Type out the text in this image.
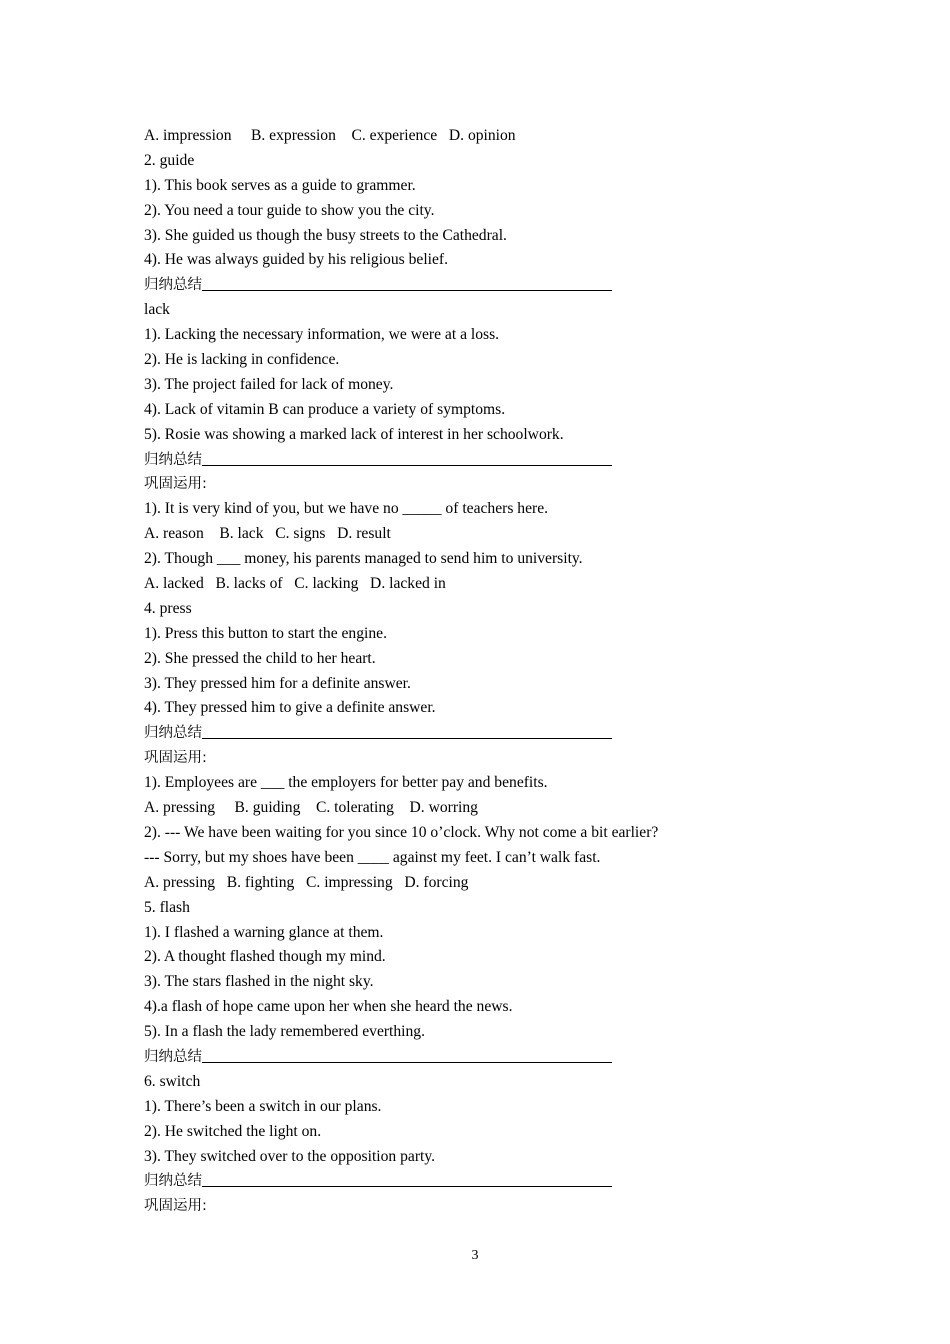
A. impression     B. expression    C. experience   D. opinion
2. guide
1). This book serves as a guide to grammer.
2). You need a tour guide to show you the city.
3). She guided us though the busy streets to the Cathedral.
4). He was always guided by his religious belief.
归纳总结
lack
1). Lacking the necessary information, we were at a loss.
2). He is lacking in confidence.
3). The project failed for lack of money.
4). Lack of vitamin B can produce a variety of symptoms.
5). Rosie was showing a marked lack of interest in her schoolwork.
归纳总结
巩固运用:
1). It is very kind of you, but we have no _____ of teachers here.
A. reason    B. lack   C. signs   D. result
2). Though ___ money, his parents managed to send him to university.
A. lacked   B. lacks of   C. lacking   D. lacked in
4. press
1). Press this button to start the engine.
2). She pressed the child to her heart.
3). They pressed him for a definite answer.
4). They pressed him to give a definite answer.
归纳总结
巩固运用:
1). Employees are ___ the employers for better pay and benefits.
A. pressing     B. guiding    C. tolerating    D. worring
2). --- We have been waiting for you since 10 o’clock. Why not come a bit earlier?
--- Sorry, but my shoes have been ____ against my feet. I can’t walk fast.
A. pressing   B. fighting   C. impressing   D. forcing
5. flash
1). I flashed a warning glance at them.
2). A thought flashed though my mind.
3). The stars flashed in the night sky.
4).a flash of hope came upon her when she heard the news.
5). In a flash the lady remembered everthing.
归纳总结
6. switch
1). There’s been a switch in our plans.
2). He switched the light on.
3). They switched over to the opposition party.
归纳总结
巩固运用:
3
